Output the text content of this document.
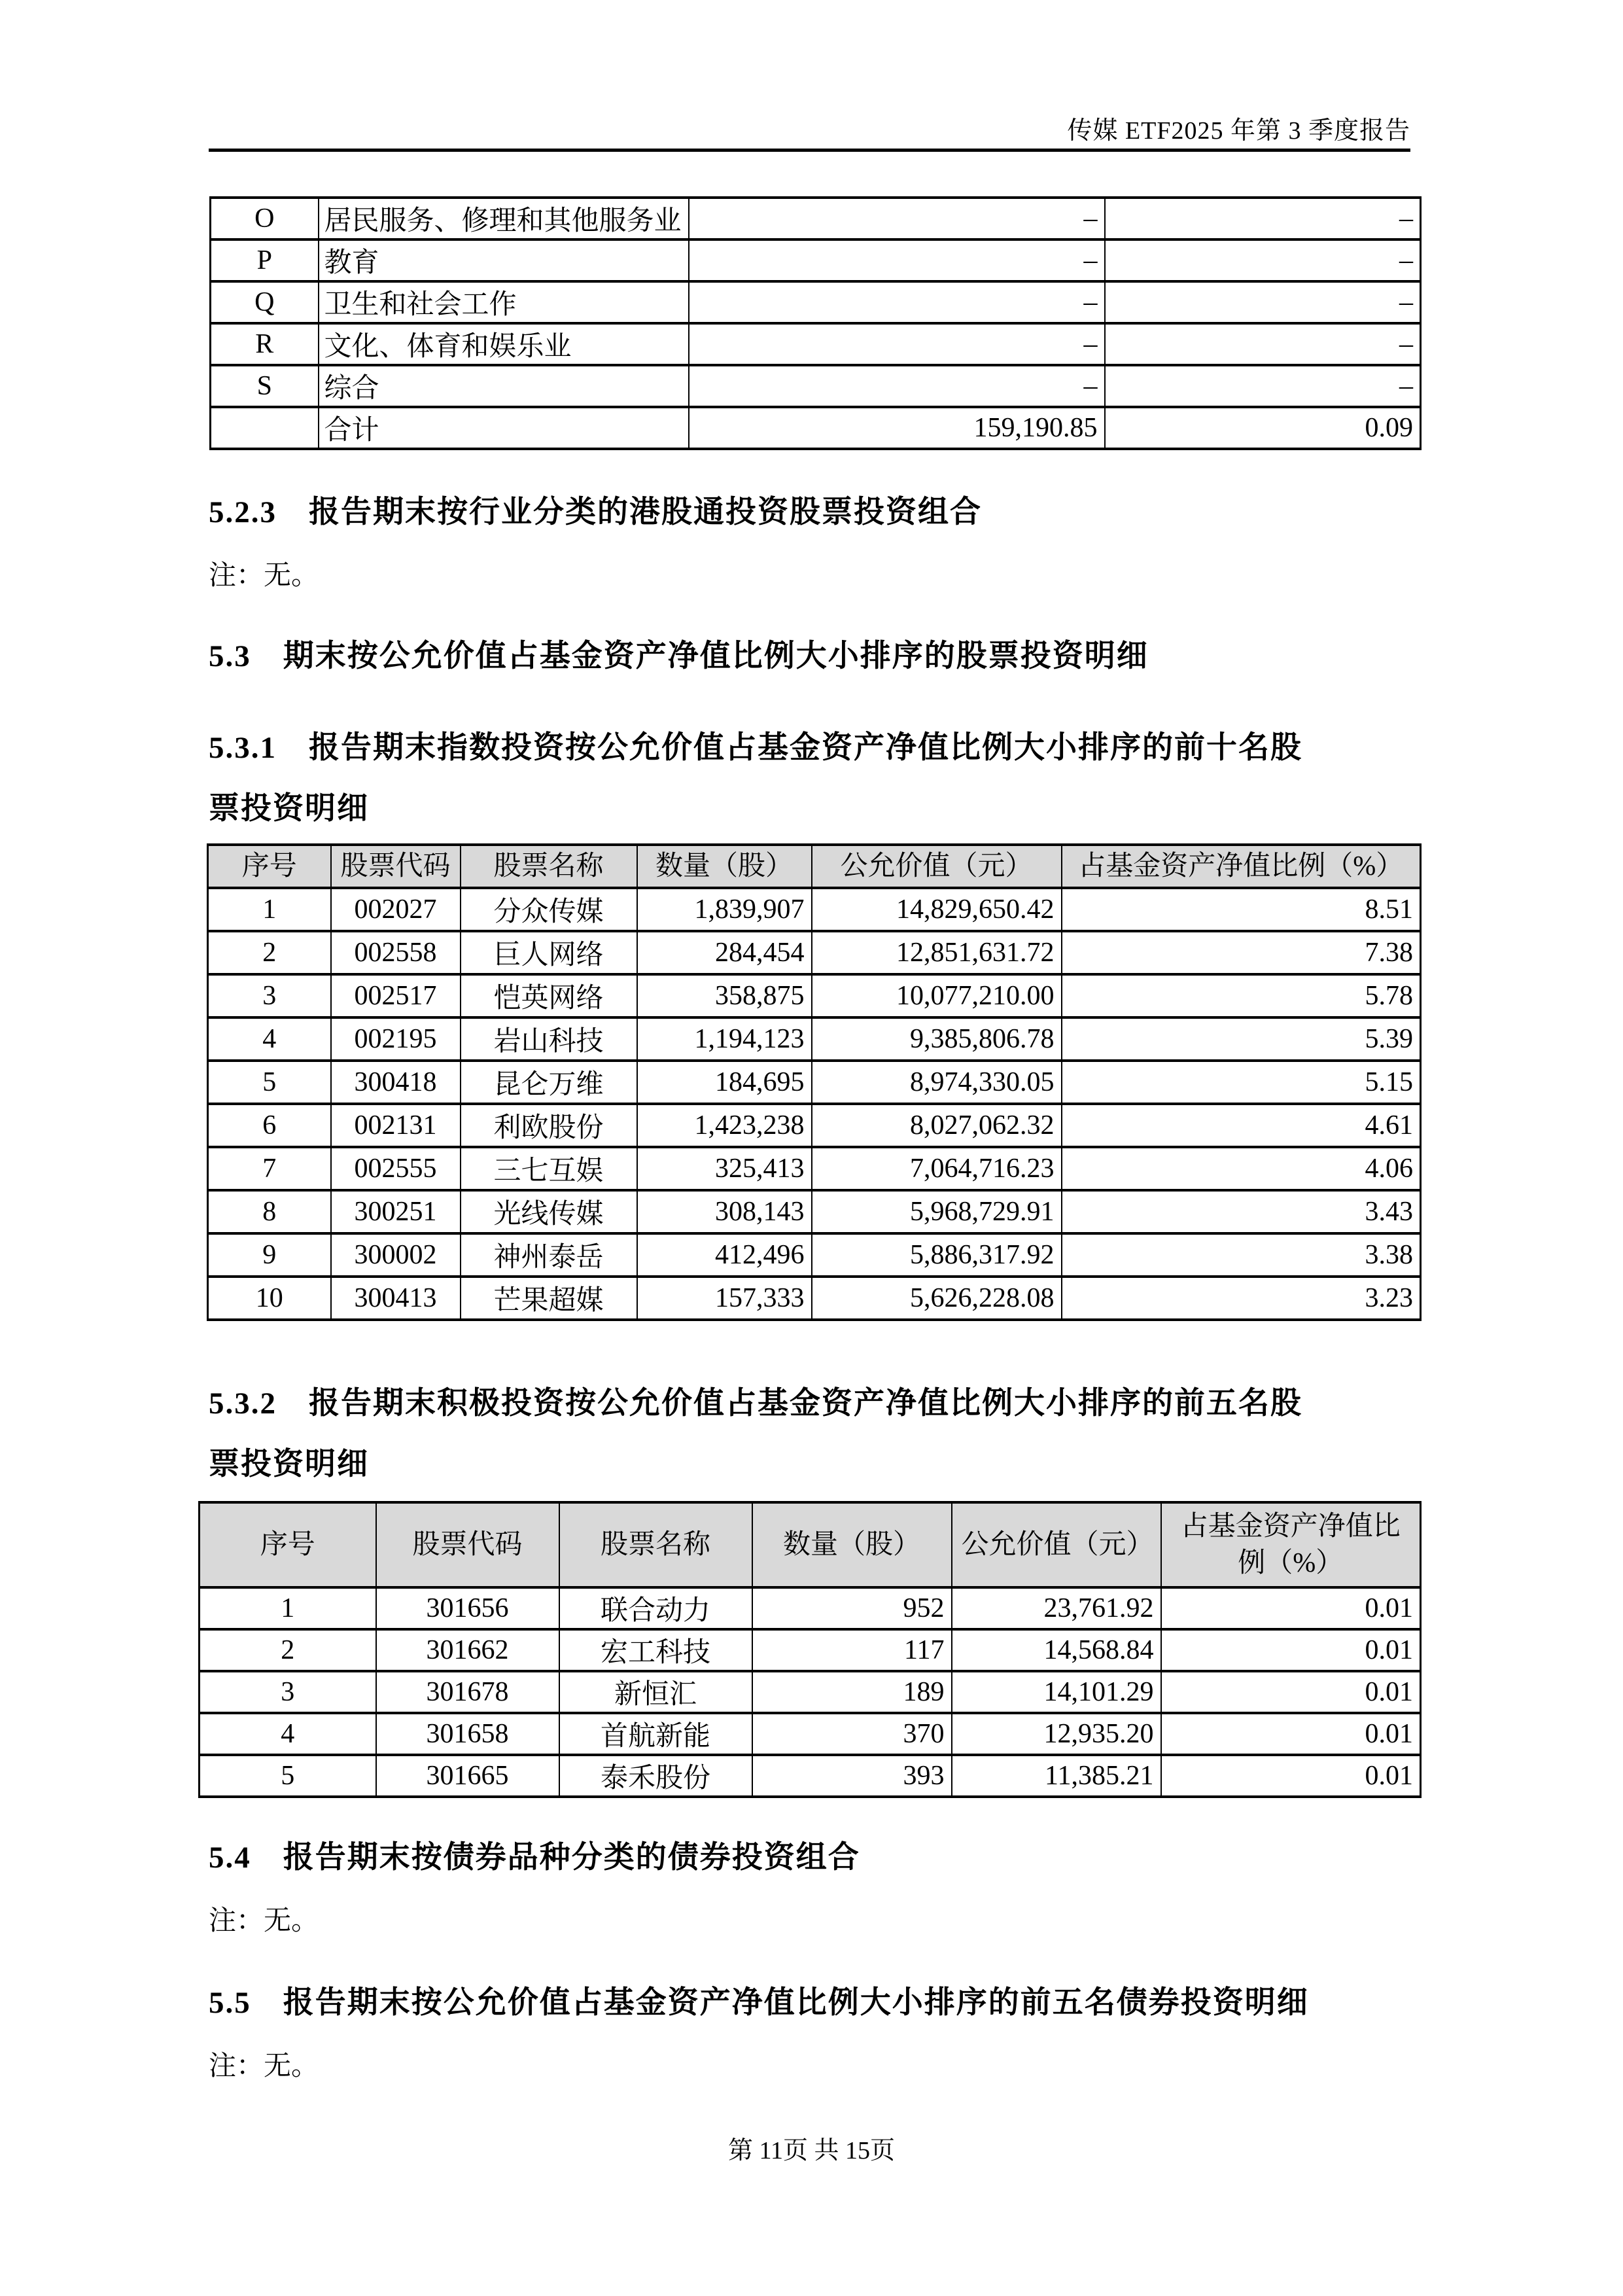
传媒 ETF2025 年第 3 季度报告
O	居民服务、修理和其他服务业	–	–
P	教育	–	–
Q	卫生和社会工作	–	–
R	文化、体育和娱乐业	–	–
S	综合	–	–
	合计	159,190.85	0.09
5.2.3　报告期末按行业分类的港股通投资股票投资组合
注：无。
5.3　期末按公允价值占基金资产净值比例大小排序的股票投资明细
5.3.1　报告期末指数投资按公允价值占基金资产净值比例大小排序的前十名股票投资明细
序号	股票代码	股票名称	数量（股）	公允价值（元）	占基金资产净值比例（%）
1	002027	分众传媒	1,839,907	14,829,650.42	8.51
2	002558	巨人网络	284,454	12,851,631.72	7.38
3	002517	恺英网络	358,875	10,077,210.00	5.78
4	002195	岩山科技	1,194,123	9,385,806.78	5.39
5	300418	昆仑万维	184,695	8,974,330.05	5.15
6	002131	利欧股份	1,423,238	8,027,062.32	4.61
7	002555	三七互娱	325,413	7,064,716.23	4.06
8	300251	光线传媒	308,143	5,968,729.91	3.43
9	300002	神州泰岳	412,496	5,886,317.92	3.38
10	300413	芒果超媒	157,333	5,626,228.08	3.23
5.3.2　报告期末积极投资按公允价值占基金资产净值比例大小排序的前五名股票投资明细
序号	股票代码	股票名称	数量（股）	公允价值（元）	占基金资产净值比例（%）
1	301656	联合动力	952	23,761.92	0.01
2	301662	宏工科技	117	14,568.84	0.01
3	301678	新恒汇	189	14,101.29	0.01
4	301658	首航新能	370	12,935.20	0.01
5	301665	泰禾股份	393	11,385.21	0.01
5.4　报告期末按债券品种分类的债券投资组合
注：无。
5.5　报告期末按公允价值占基金资产净值比例大小排序的前五名债券投资明细
注：无。
第 11页 共 15页
